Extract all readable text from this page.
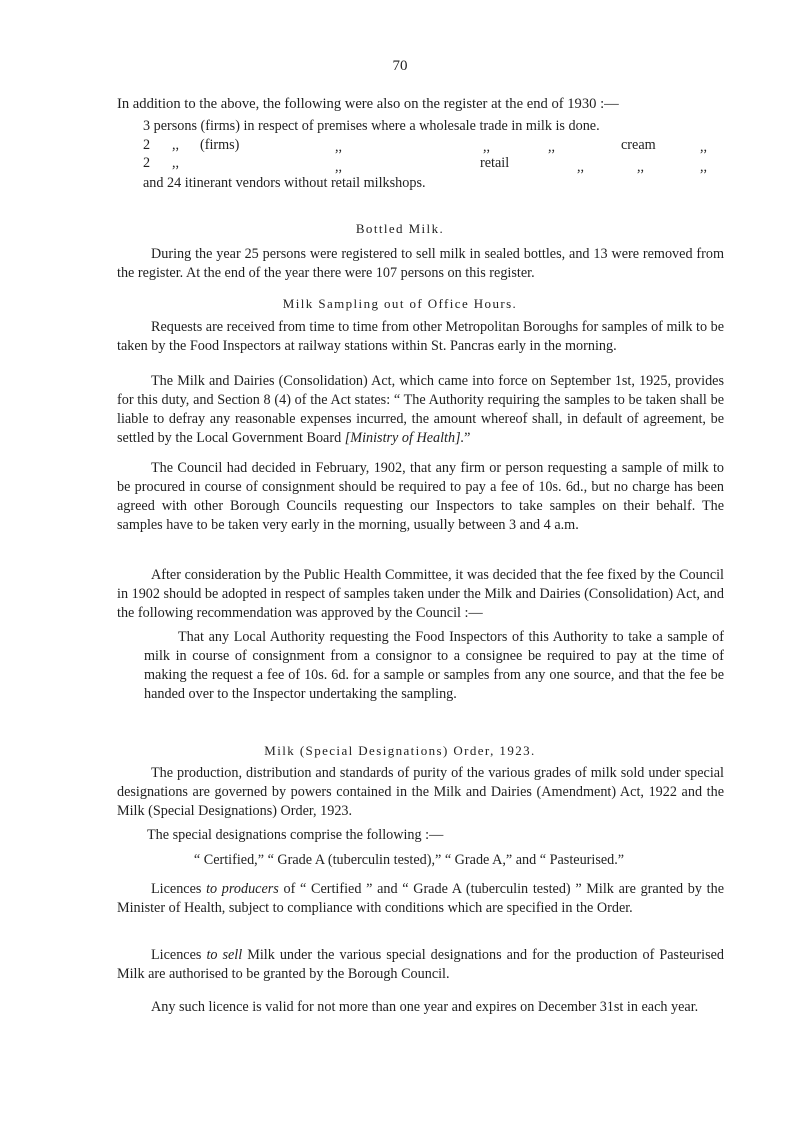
70
In addition to the above, the following were also on the register at the end of 1930 :—
3 persons (firms) in respect of premises where a wholesale trade in milk is done.
2 ,, (firms)	,,	,,	,,	cream	,,
2 ,,	,,	retail	,,	,,	,,
and 24 itinerant vendors without retail milkshops.
Bottled Milk.

During the year 25 persons were registered to sell milk in sealed bottles, and 13 were removed from the register. At the end of the year there were 107 persons on this register.

Milk Sampling out of Office Hours.

Requests are received from time to time from other Metropolitan Boroughs for samples of milk to be taken by the Food Inspectors at railway stations within St. Pancras early in the morning.

The Milk and Dairies (Consolidation) Act, which came into force on September 1st, 1925, provides for this duty, and Section 8 (4) of the Act states: “ The Authority requiring the samples to be taken shall be liable to defray any reasonable expenses incurred, the amount whereof shall, in default of agreement, be settled by the Local Government Board [Ministry of Health].”

The Council had decided in February, 1902, that any firm or person requesting a sample of milk to be procured in course of consignment should be required to pay a fee of 10s. 6d., but no charge has been agreed with other Borough Councils requesting our Inspectors to take samples on their behalf. The samples have to be taken very early in the morning, usually between 3 and 4 a.m.

After consideration by the Public Health Committee, it was decided that the fee fixed by the Council in 1902 should be adopted in respect of samples taken under the Milk and Dairies (Consolidation) Act, and the following recommendation was approved by the Council :—

That any Local Authority requesting the Food Inspectors of this Authority to take a sample of milk in course of consignment from a consignor to a consignee be required to pay at the time of making the request a fee of 10s. 6d. for a sample or samples from any one source, and that the fee be handed over to the Inspector undertaking the sampling.

Milk (Special Designations) Order, 1923.

The production, distribution and standards of purity of the various grades of milk sold under special designations are governed by powers contained in the Milk and Dairies (Amendment) Act, 1922 and the Milk (Special Designations) Order, 1923.

The special designations comprise the following :—
“ Certified,” “ Grade A (tuberculin tested),” “ Grade A,” and “ Pasteurised.”

Licences to producers of “ Certified ” and “ Grade A (tuberculin tested) ” Milk are granted by the Minister of Health, subject to compliance with conditions which are specified in the Order.

Licences to sell Milk under the various special designations and for the production of Pasteurised Milk are authorised to be granted by the Borough Council.

Any such licence is valid for not more than one year and expires on December 31st in each year.
